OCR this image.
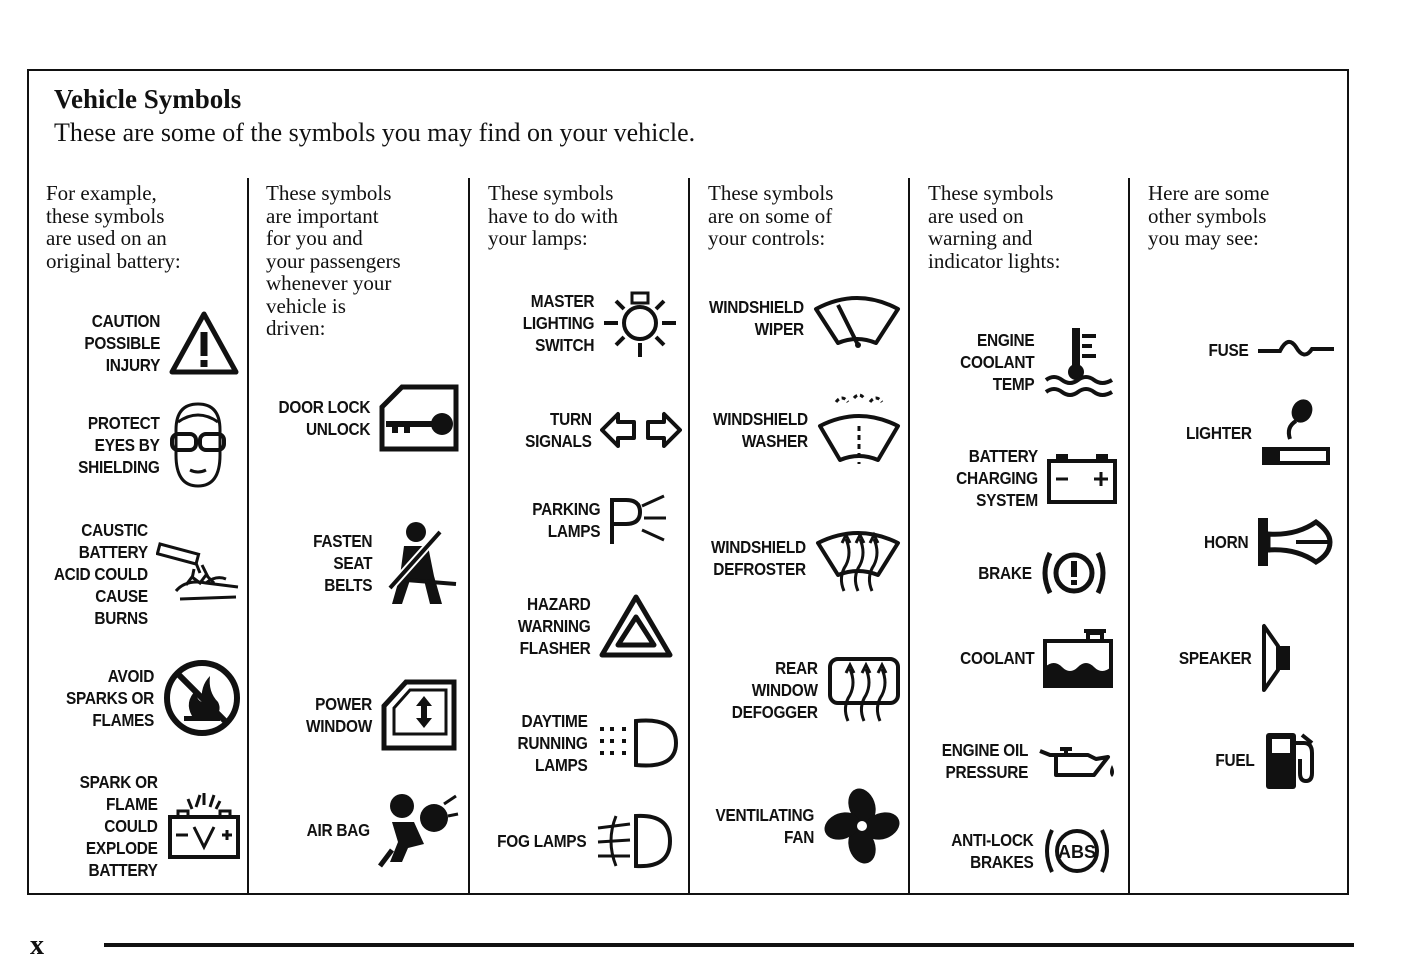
Vehicle Symbols
These are some of the symbols you may find on your vehicle.
For example,
these symbols
are used on an
original battery:
These symbols
are important
for you and
your passengers
whenever your
vehicle is
driven:
These symbols
have to do with
your lamps:
These symbols
are on some of
your controls:
These symbols
are used on
warning and
indicator lights:
Here are some
other symbols
you may see:
CAUTION
POSSIBLE
INJURY
PROTECT
EYES BY
SHIELDING
CAUSTIC
BATTERY
ACID COULD
CAUSE
BURNS
AVOID
SPARKS OR
FLAMES
SPARK OR
FLAME
COULD
EXPLODE
BATTERY
DOOR LOCK
UNLOCK
FASTEN
SEAT
BELTS
POWER
WINDOW
AIR BAG
MASTER
LIGHTING
SWITCH
TURN
SIGNALS
PARKING
LAMPS
HAZARD
WARNING
FLASHER
DAYTIME
RUNNING
LAMPS
FOG LAMPS
WINDSHIELD
WIPER
WINDSHIELD
WASHER
WINDSHIELD
DEFROSTER
REAR
WINDOW
DEFOGGER
VENTILATING
FAN
ENGINE
COOLANT
TEMP
BATTERY
CHARGING
SYSTEM
BRAKE
COOLANT
ENGINE OIL
PRESSURE
ANTI-LOCK
BRAKES ABS
FUSE
LIGHTER
HORN
SPEAKER
FUEL
x
